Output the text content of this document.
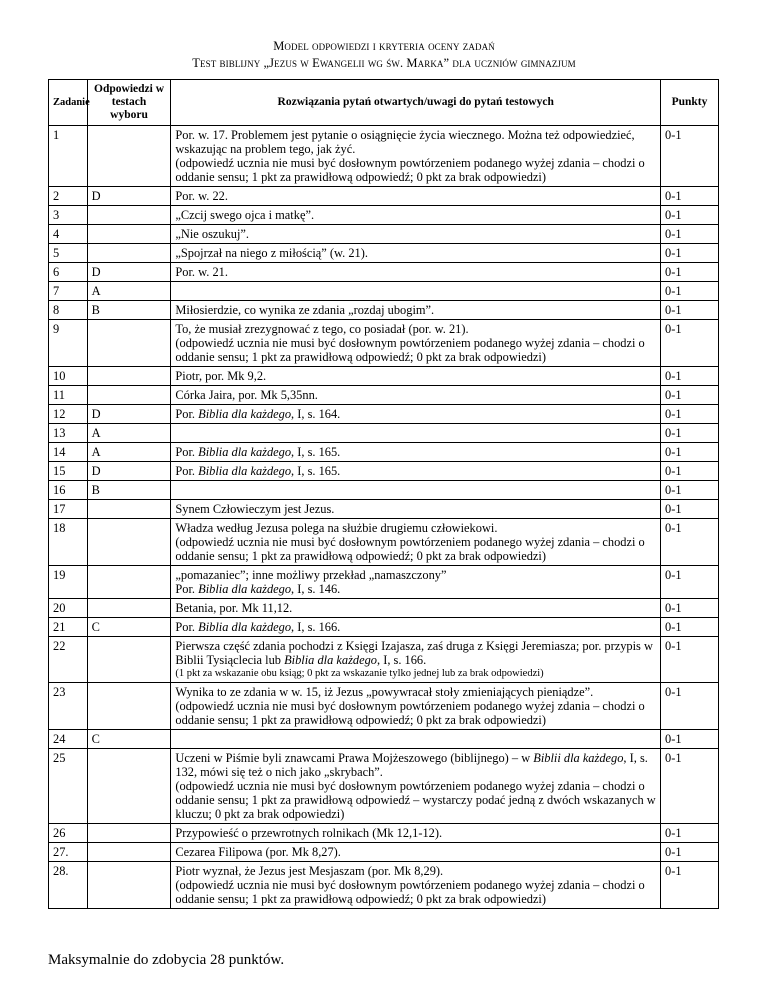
Model odpowiedzi i kryteria oceny zadań
Test biblijny „Jezus w Ewangelii wg św. Marka” dla uczniów gimnazjum
Zadanie	Odpowiedzi w testach wyboru	Rozwiązania pytań otwartych/uwagi do pytań testowych	Punkty
1		Por. w. 17. Problemem jest pytanie o osiągnięcie życia wiecznego. Można też odpowiedzieć, wskazując na problem tego, jak żyć.
(odpowiedź ucznia nie musi być dosłownym powtórzeniem podanego wyżej zdania – chodzi o oddanie sensu; 1 pkt za prawidłową odpowiedź; 0 pkt za brak odpowiedzi)	0-1
2	D	Por. w. 22.	0-1
3		„Czcij swego ojca i matkę”.	0-1
4		„Nie oszukuj”.	0-1
5		„Spojrzał na niego z miłością” (w. 21).	0-1
6	D	Por. w. 21.	0-1
7	A		0-1
8	B	Miłosierdzie, co wynika ze zdania „rozdaj ubogim”.	0-1
9		To, że musiał zrezygnować z tego, co posiadał (por. w. 21).
(odpowiedź ucznia nie musi być dosłownym powtórzeniem podanego wyżej zdania – chodzi o oddanie sensu; 1 pkt za prawidłową odpowiedź; 0 pkt za brak odpowiedzi)	0-1
10		Piotr, por. Mk 9,2.	0-1
11		Córka Jaira, por. Mk 5,35nn.	0-1
12	D	Por. Biblia dla każdego, I, s. 164.	0-1
13	A		0-1
14	A	Por. Biblia dla każdego, I, s. 165.	0-1
15	D	Por. Biblia dla każdego, I, s. 165.	0-1
16	B		0-1
17		Synem Człowieczym jest Jezus.	0-1
18		Władza według Jezusa polega na służbie drugiemu człowiekowi.
(odpowiedź ucznia nie musi być dosłownym powtórzeniem podanego wyżej zdania – chodzi o oddanie sensu; 1 pkt za prawidłową odpowiedź; 0 pkt za brak odpowiedzi)	0-1
19		„pomazaniec”; inne możliwy przekład „namaszczony”
Por. Biblia dla każdego, I, s. 146.	0-1
20		Betania, por. Mk 11,12.	0-1
21	C	Por. Biblia dla każdego, I, s. 166.	0-1
22		Pierwsza część zdania pochodzi z Księgi Izajasza, zaś druga z Księgi Jeremiasza; por. przypis w Biblii Tysiąclecia lub Biblia dla każdego, I, s. 166.
(1 pkt za wskazanie obu ksiąg; 0 pkt za wskazanie tylko jednej lub za brak odpowiedzi)	0-1
23		Wynika to ze zdania w w. 15, iż Jezus „powywracał stoły zmieniających pieniądze”.
(odpowiedź ucznia nie musi być dosłownym powtórzeniem podanego wyżej zdania – chodzi o oddanie sensu; 1 pkt za prawidłową odpowiedź; 0 pkt za brak odpowiedzi)	0-1
24	C		0-1
25		Uczeni w Piśmie byli znawcami Prawa Mojżeszowego (biblijnego) – w Biblii dla każdego, I, s. 132, mówi się też o nich jako „skrybach”.
(odpowiedź ucznia nie musi być dosłownym powtórzeniem podanego wyżej zdania – chodzi o oddanie sensu; 1 pkt za prawidłową odpowiedź – wystarczy podać jedną z dwóch wskazanych w kluczu; 0 pkt za brak odpowiedzi)	0-1
26		Przypowieść o przewrotnych rolnikach (Mk 12,1-12).	0-1
27.		Cezarea Filipowa (por. Mk 8,27).	0-1
28.		Piotr wyznał, że Jezus jest Mesjaszam (por. Mk 8,29).
(odpowiedź ucznia nie musi być dosłownym powtórzeniem podanego wyżej zdania – chodzi o oddanie sensu; 1 pkt za prawidłową odpowiedź; 0 pkt za brak odpowiedzi)	0-1
Maksymalnie do zdobycia 28 punktów.
